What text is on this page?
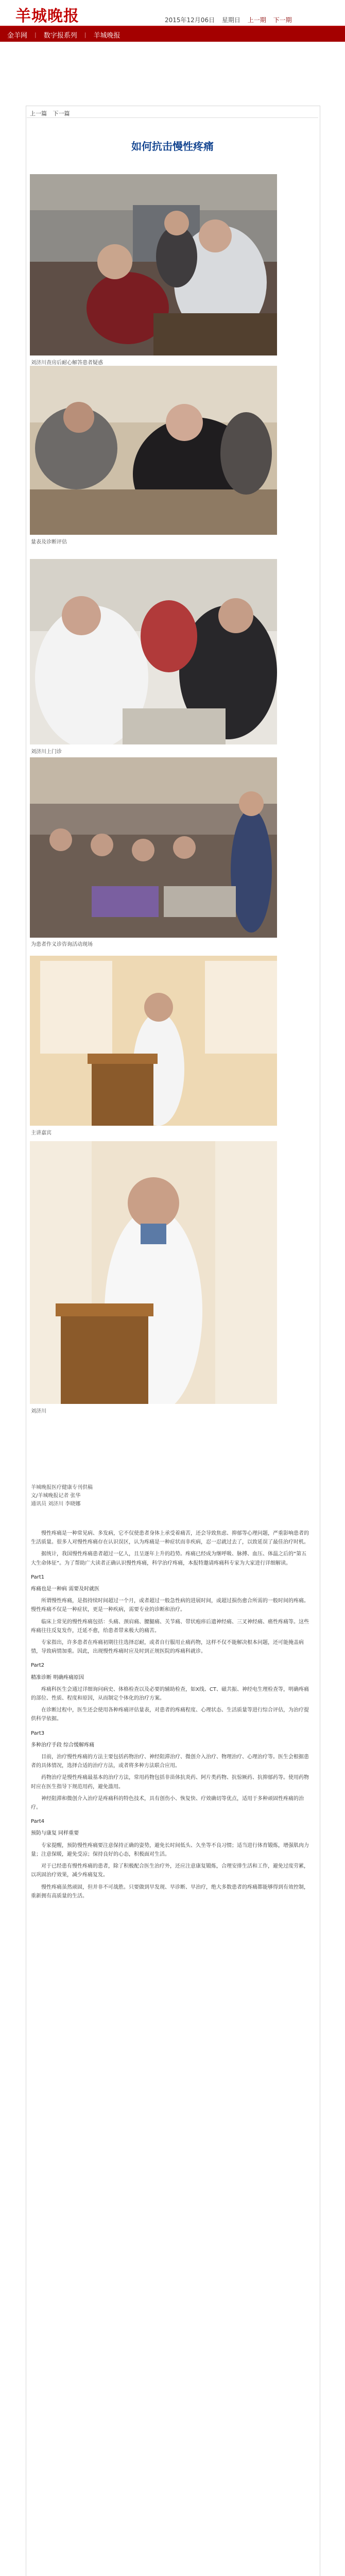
羊城晚报	2015年12月06日 星期日 上一期 下一期
金羊网 | 数字报系列 | 羊城晚报
上一篇 下一篇
如何抗击慢性疼痛
刘济川查房后耐心解答患者疑惑
量表及诊断评估
刘济川上门诊
为患者作义诊咨询活动现场
主讲嘉宾
刘济川
羊城晚报医疗健康专刊供稿
文/羊城晚报记者 张华
通讯员 刘济川 李晓娜

慢性疼痛是一种常见病、多发病，它不仅使患者身体上承受着痛苦，还会导致焦虑、抑郁等心理问题，严重影响患者的生活质量。很多人对慢性疼痛存在认识误区，认为疼痛是一种症状而非疾病，忍一忍就过去了，以致延误了最佳治疗时机。

据统计，我国慢性疼痛患者超过一亿人，且呈逐年上升的趋势。疼痛已经成为继呼吸、脉搏、血压、体温之后的“第五大生命体征”。为了帮助广大读者正确认识慢性疼痛，科学治疗疼痛，本报特邀请疼痛科专家为大家进行详细解读。

Part1

疼痛也是一种病 需要及时就医

所谓慢性疼痛，是指持续时间超过一个月，或者超过一般急性病的进展时间，或超过损伤愈合所需的一般时间的疼痛。慢性疼痛不仅是一种症状，更是一种疾病，需要专业的诊断和治疗。

临床上常见的慢性疼痛包括：头痛、颈肩痛、腰腿痛、关节痛、带状疱疹后遗神经痛、三叉神经痛、癌性疼痛等。这些疼痛往往反复发作，迁延不愈，给患者带来极大的痛苦。

专家指出，许多患者在疼痛初期往往选择忍耐，或者自行服用止痛药物，这样不仅不能解决根本问题，还可能掩盖病情，导致病情加重。因此，出现慢性疼痛时应及时到正规医院的疼痛科就诊。

Part2

精准诊断 明确疼痛原因

疼痛科医生会通过详细询问病史、体格检查以及必要的辅助检查，如X线、CT、磁共振、神经电生理检查等，明确疼痛的部位、性质、程度和原因，从而制定个体化的治疗方案。

在诊断过程中，医生还会使用各种疼痛评估量表，对患者的疼痛程度、心理状态、生活质量等进行综合评估，为治疗提供科学依据。

Part3

多种治疗手段 综合缓解疼痛

目前，治疗慢性疼痛的方法主要包括药物治疗、神经阻滞治疗、微创介入治疗、物理治疗、心理治疗等。医生会根据患者的具体情况，选择合适的治疗方法，或者将多种方法联合应用。

药物治疗是慢性疼痛最基本的治疗方法，常用药物包括非甾体抗炎药、阿片类药物、抗惊厥药、抗抑郁药等。使用药物时应在医生指导下规范用药，避免滥用。

神经阻滞和微创介入治疗是疼痛科的特色技术，具有创伤小、恢复快、疗效确切等优点，适用于多种顽固性疼痛的治疗。

Part4

预防与康复 同样重要

专家提醒，预防慢性疼痛要注意保持正确的姿势，避免长时间低头、久坐等不良习惯；适当进行体育锻炼，增强肌肉力量；注意保暖，避免受凉；保持良好的心态，积极面对生活。

对于已经患有慢性疼痛的患者，除了积极配合医生治疗外，还应注意康复锻炼，合理安排生活和工作，避免过度劳累，以巩固治疗效果，减少疼痛复发。

慢性疼痛虽然顽固，但并非不可战胜。只要做到早发现、早诊断、早治疗，绝大多数患者的疼痛都能够得到有效控制，重新拥有高质量的生活。
